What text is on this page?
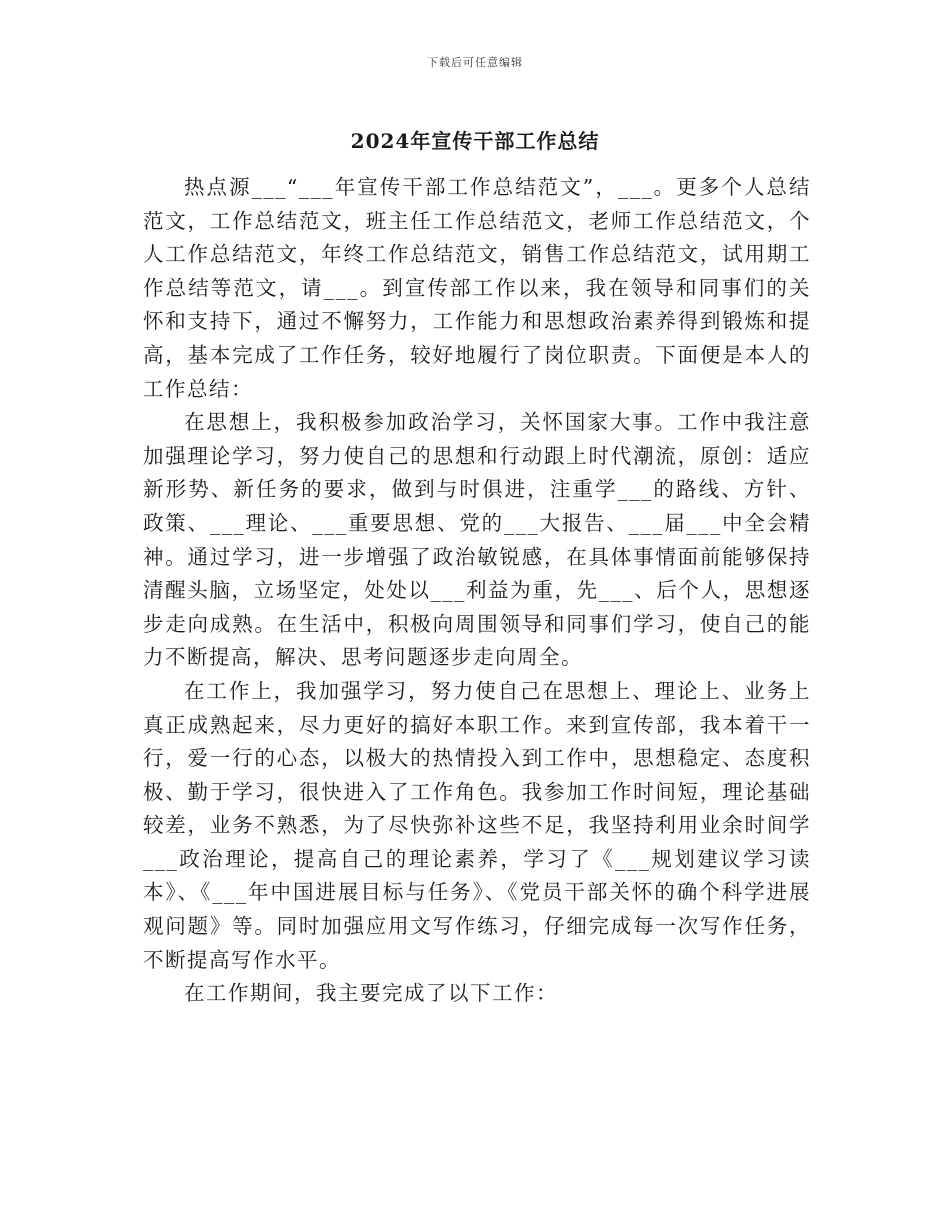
下载后可任意编辑
2024年宣传干部工作总结

热点源___“___年宣传干部工作总结范文”，___。更多个人总结范文，工作总结范文，班主任工作总结范文，老师工作总结范文，个人工作总结范文，年终工作总结范文，销售工作总结范文，试用期工作总结等范文，请___。到宣传部工作以来，我在领导和同事们的关怀和支持下，通过不懈努力，工作能力和思想政治素养得到锻炼和提高，基本完成了工作任务，较好地履行了岗位职责。下面便是本人的工作总结：

在思想上，我积极参加政治学习，关怀国家大事。工作中我注意加强理论学习，努力使自己的思想和行动跟上时代潮流，原创：适应新形势、新任务的要求，做到与时俱进，注重学___的路线、方针、政策、___理论、___重要思想、党的___大报告、___届___中全会精神。通过学习，进一步增强了政治敏锐感，在具体事情面前能够保持清醒头脑，立场坚定，处处以___利益为重，先___、后个人，思想逐步走向成熟。在生活中，积极向周围领导和同事们学习，使自己的能力不断提高，解决、思考问题逐步走向周全。

在工作上，我加强学习，努力使自己在思想上、理论上、业务上真正成熟起来，尽力更好的搞好本职工作。来到宣传部，我本着干一行，爱一行的心态，以极大的热情投入到工作中，思想稳定、态度积极、勤于学习，很快进入了工作角色。我参加工作时间短，理论基础较差，业务不熟悉，为了尽快弥补这些不足，我坚持利用业余时间学___政治理论，提高自己的理论素养，学习了《___规划建议学习读本》、《___年中国进展目标与任务》、《党员干部关怀的确个科学进展观问题》等。同时加强应用文写作练习，仔细完成每一次写作任务，不断提高写作水平。

在工作期间，我主要完成了以下工作：
